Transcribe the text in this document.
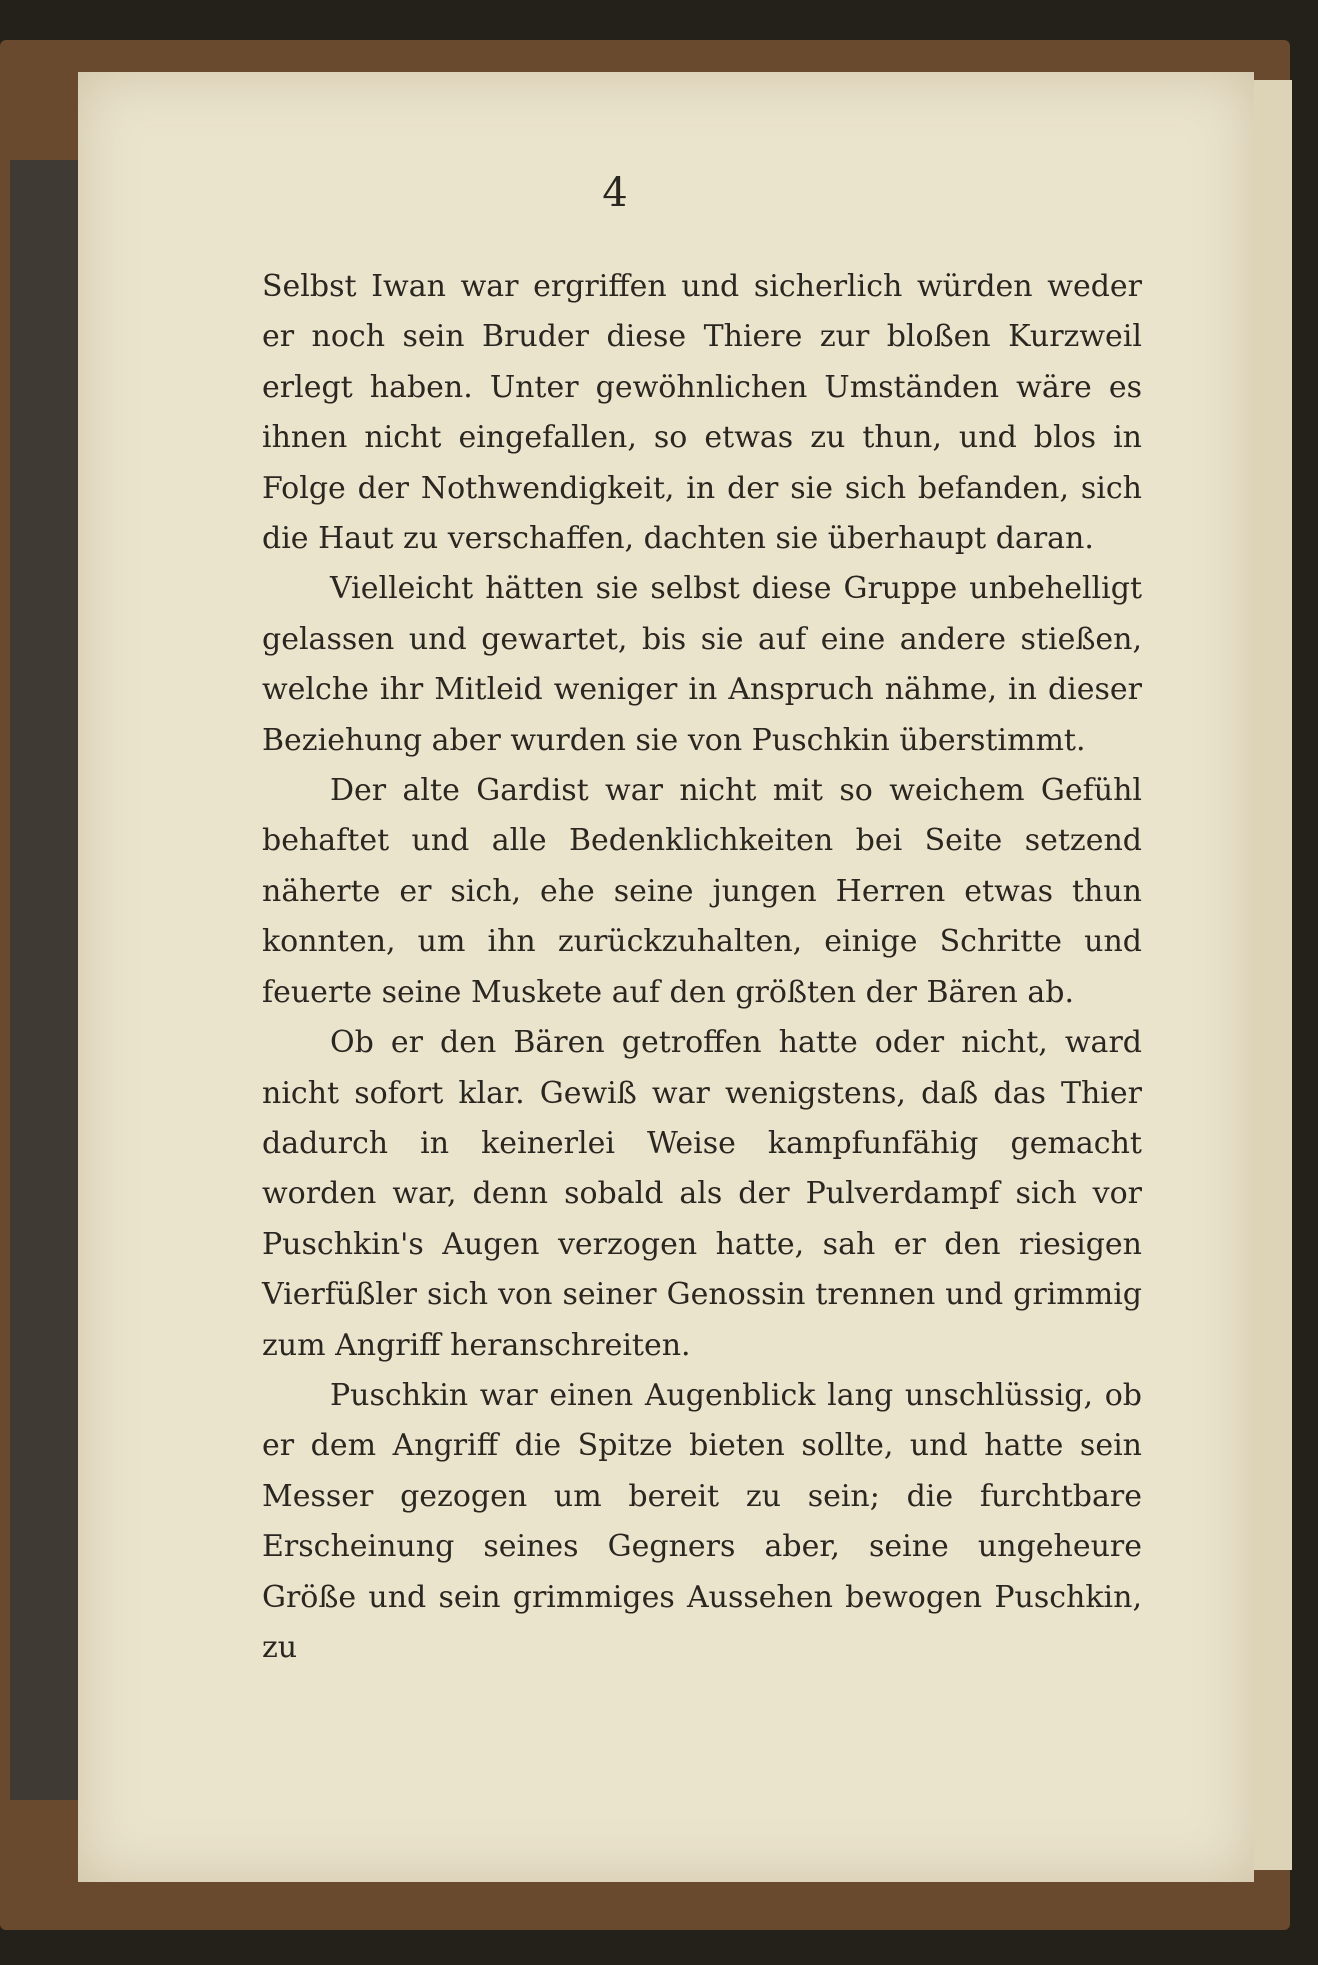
4

Selbst Iwan war ergriffen und sicherlich würden weder er noch sein Bruder diese Thiere zur bloßen Kurzweil erlegt haben. Unter gewöhnlichen Umständen wäre es ihnen nicht eingefallen, so etwas zu thun, und blos in Folge der Nothwendigkeit, in der sie sich befanden, sich die Haut zu verschaffen, dachten sie überhaupt daran.

Vielleicht hätten sie selbst diese Gruppe unbehelligt gelassen und gewartet, bis sie auf eine andere stießen, welche ihr Mitleid weniger in Anspruch nähme, in dieser Beziehung aber wurden sie von Puschkin überstimmt.

Der alte Gardist war nicht mit so weichem Gefühl behaftet und alle Bedenklichkeiten bei Seite setzend näherte er sich, ehe seine jungen Herren etwas thun konnten, um ihn zurückzuhalten, einige Schritte und feuerte seine Muskete auf den größten der Bären ab.

Ob er den Bären getroffen hatte oder nicht, ward nicht sofort klar. Gewiß war wenigstens, daß das Thier dadurch in keinerlei Weise kampfunfähig gemacht worden war, denn sobald als der Pulverdampf sich vor Puschkin's Augen verzogen hatte, sah er den riesigen Vierfüßler sich von seiner Genossin trennen und grimmig zum Angriff heranschreiten.

Puschkin war einen Augenblick lang unschlüssig, ob er dem Angriff die Spitze bieten sollte, und hatte sein Messer gezogen um bereit zu sein; die furchtbare Erscheinung seines Gegners aber, seine ungeheure Größe und sein grimmiges Aussehen bewogen Puschkin, zu
